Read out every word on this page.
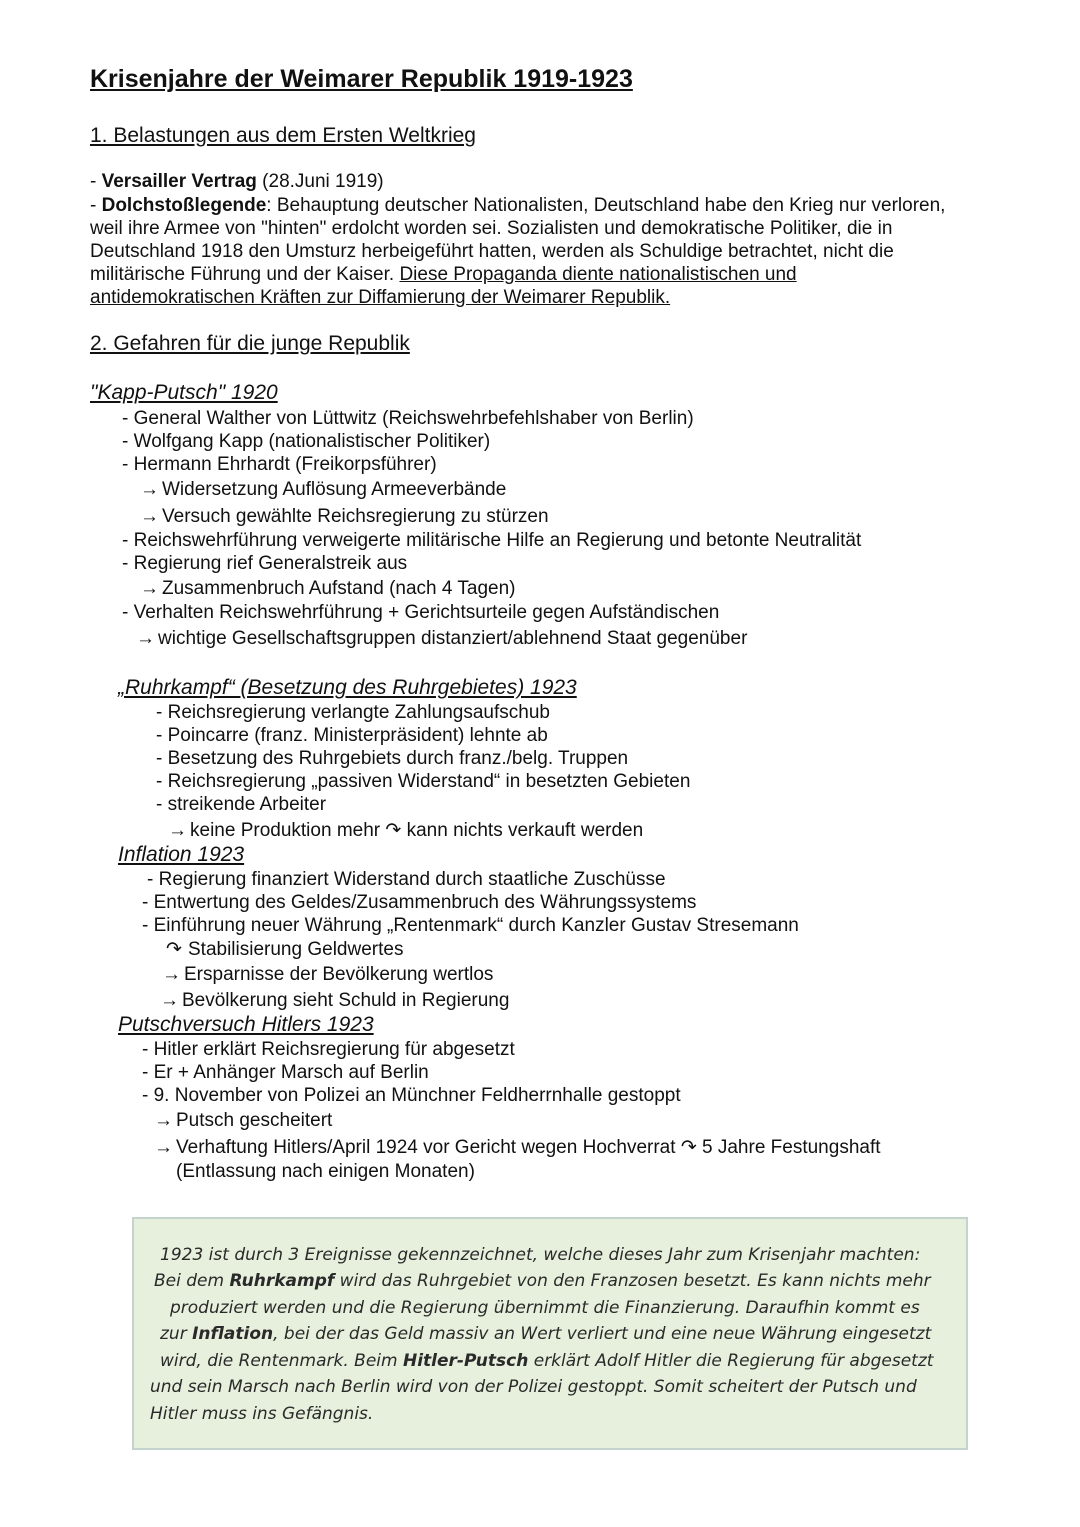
Krisenjahre der Weimarer Republik 1919-1923
1. Belastungen aus dem Ersten Weltkrieg
- Versailler Vertrag (28.Juni 1919)
- Dolchstoßlegende: Behauptung deutscher Nationalisten, Deutschland habe den Krieg nur verloren,
weil ihre Armee von "hinten" erdolcht worden sei. Sozialisten und demokratische Politiker, die in
Deutschland 1918 den Umsturz herbeigeführt hatten, werden als Schuldige betrachtet, nicht die
militärische Führung und der Kaiser. Diese Propaganda diente nationalistischen und
antidemokratischen Kräften zur Diffamierung der Weimarer Republik.
2. Gefahren für die junge Republik
"Kapp-Putsch" 1920
- General Walther von Lüttwitz (Reichswehrbefehlshaber von Berlin)
- Wolfgang Kapp (nationalistischer Politiker)
- Hermann Ehrhardt (Freikorpsführer)
→ Widersetzung Auflösung Armeeverbände
→ Versuch gewählte Reichsregierung zu stürzen
- Reichswehrführung verweigerte militärische Hilfe an Regierung und betonte Neutralität
- Regierung rief Generalstreik aus
→ Zusammenbruch Aufstand (nach 4 Tagen)
- Verhalten Reichswehrführung + Gerichtsurteile gegen Aufständischen
→ wichtige Gesellschaftsgruppen distanziert/ablehnend Staat gegenüber
„Ruhrkampf“ (Besetzung des Ruhrgebietes) 1923
- Reichsregierung verlangte Zahlungsaufschub
- Poincarre (franz. Ministerpräsident) lehnte ab
- Besetzung des Ruhrgebiets durch franz./belg. Truppen
- Reichsregierung „passiven Widerstand“ in besetzten Gebieten
- streikende Arbeiter
→ keine Produktion mehr ↷ kann nichts verkauft werden
Inflation 1923
- Regierung finanziert Widerstand durch staatliche Zuschüsse
- Entwertung des Geldes/Zusammenbruch des Währungssystems
- Einführung neuer Währung „Rentenmark“ durch Kanzler Gustav Stresemann
↷ Stabilisierung Geldwertes
→ Ersparnisse der Bevölkerung wertlos
→ Bevölkerung sieht Schuld in Regierung
Putschversuch Hitlers 1923
- Hitler erklärt Reichsregierung für abgesetzt
- Er + Anhänger Marsch auf Berlin
- 9. November von Polizei an Münchner Feldherrnhalle gestoppt
→ Putsch gescheitert
→ Verhaftung Hitlers/April 1924 vor Gericht wegen Hochverrat ↷ 5 Jahre Festungshaft
(Entlassung nach einigen Monaten)
1923 ist durch 3 Ereignisse gekennzeichnet, welche dieses Jahr zum Krisenjahr machten:
Bei dem Ruhrkampf wird das Ruhrgebiet von den Franzosen besetzt. Es kann nichts mehr
produziert werden und die Regierung übernimmt die Finanzierung. Daraufhin kommt es
zur Inflation, bei der das Geld massiv an Wert verliert und eine neue Währung eingesetzt
wird, die Rentenmark. Beim Hitler-Putsch erklärt Adolf Hitler die Regierung für abgesetzt
und sein Marsch nach Berlin wird von der Polizei gestoppt. Somit scheitert der Putsch und
Hitler muss ins Gefängnis.
